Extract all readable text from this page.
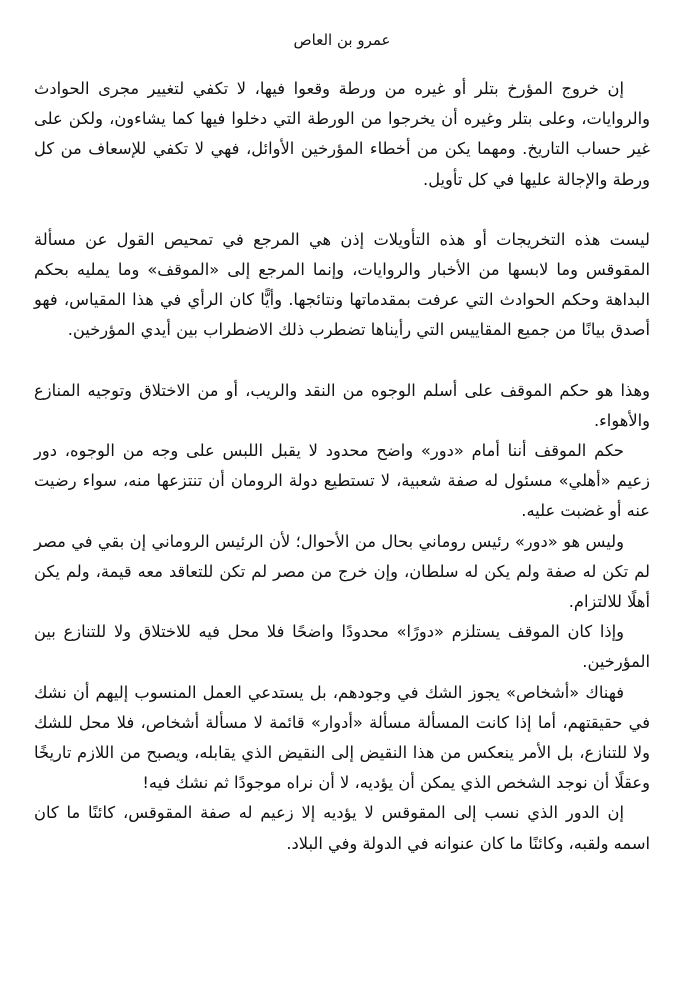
عمرو بن العاص

إن خروج المؤرخ بتلر أو غيره من ورطة وقعوا فيها، لا تكفي لتغيير مجرى الحوادث والروايات، وعلى بتلر وغيره أن يخرجوا من الورطة التي دخلوا فيها كما يشاءون، ولكن على غير حساب التاريخ. ومهما يكن من أخطاء المؤرخين الأوائل، فهي لا تكفي للإسعاف من كل ورطة والإجالة عليها في كل تأويل.

ليست هذه التخريجات أو هذه التأويلات إذن هي المرجع في تمحيص القول عن مسألة المقوقس وما لابسها من الأخبار والروايات، وإنما المرجع إلى «الموقف» وما يمليه بحكم البداهة وحكم الحوادث التي عرفت بمقدماتها ونتائجها. وأيًّا كان الرأي في هذا المقياس، فهو أصدق بيانًا من جميع المقاييس التي رأيناها تضطرب ذلك الاضطراب بين أيدي المؤرخين.

وهذا هو حكم الموقف على أسلم الوجوه من النقد والريب، أو من الاختلاق وتوجيه المنازع والأهواء.

حكم الموقف أننا أمام «دور» واضح محدود لا يقبل اللبس على وجه من الوجوه، دور زعيم «أهلي» مسئول له صفة شعبية، لا تستطيع دولة الرومان أن تنتزعها منه، سواء رضيت عنه أو غضبت عليه.

وليس هو «دور» رئيس روماني بحال من الأحوال؛ لأن الرئيس الروماني إن بقي في مصر لم تكن له صفة ولم يكن له سلطان، وإن خرج من مصر لم تكن للتعاقد معه قيمة، ولم يكن أهلًا للالتزام.

وإذا كان الموقف يستلزم «دورًا» محدودًا واضحًا فلا محل فيه للاختلاق ولا للتنازع بين المؤرخين.

فهناك «أشخاص» يجوز الشك في وجودهم، بل يستدعي العمل المنسوب إليهم أن نشك في حقيقتهم، أما إذا كانت المسألة مسألة «أدوار» قائمة لا مسألة أشخاص، فلا محل للشك ولا للتنازع، بل الأمر ينعكس من هذا النقيض إلى النقيض الذي يقابله، ويصبح من اللازم تاريخًا وعقلًا أن نوجد الشخص الذي يمكن أن يؤديه، لا أن نراه موجودًا ثم نشك فيه!

إن الدور الذي نسب إلى المقوقس لا يؤديه إلا زعيم له صفة المقوقس، كائنًا ما كان اسمه ولقبه، وكائنًا ما كان عنوانه في الدولة وفي البلاد.
